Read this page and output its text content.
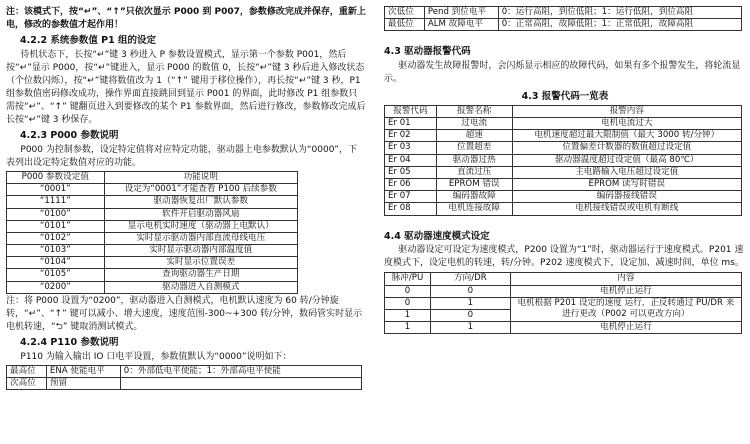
注：该模式下，按“↵”、“↑”只依次显示 P000 到 P007，参数修改完成并保存，重新上电，修改的参数值才起作用！

4.2.2 系统参数值 P1 组的设定

待机状态下，长按“↵”键 3 秒进入 P 参数设置模式，显示第一个参数 P001，然后按“↵”显示 P000，按“↵”键进入，显示 P000 的数值 0，长按“↵”键 3 秒后进入修改状态（个位数闪烁），按“↵”键将数值改为 1（“↑” 键用于移位操作），再长按“↵”键 3 秒，P1 组参数值密码修改成功，操作界面直接跳回到显示 P001 的界面，此时修改 P1 组参数只需按“↵”、“↑” 键翻页进入到要修改的某个 P1 参数界面，然后进行修改，参数修改完成后长按“↵”键 3 秒保存。

4.2.3 P000 参数说明

P000 为控制参数，设定特定值将对应特定功能，驱动器上电参数默认为“0000”，下表列出设定特定数值对应的功能。

P000 参数设定值	功能说明
“0001”	设定为“0001”才能查看 P100 后续参数
“1111”	驱动器恢复出厂默认参数
“0100”	软件开启驱动器风扇
“0101”	显示电机实时速度（驱动器上电默认）
“0102”	实时显示驱动器内部直流母线电压
“0103”	实时显示驱动器内部温度值
“0104”	实时显示位置误差
“0105”	查询驱动器生产日期
“0200”	驱动器进入自测模式

注：将 P000 设置为“0200”，驱动器进入自测模式，电机默认速度为 60 转/分钟旋转，“↵”、“↑” 键可以减小、增大速度，速度范围-300~+300 转/分钟，数码管实时显示电机转速，“⮌” 键取消测试模式。

4.2.4 P110 参数说明

P110 为输入输出 IO 口电平设置，参数值默认为“0000”说明如下：

最高位	ENA 使能电平	0：外部低电平使能；1：外部高电平使能
次高位	预留	
次低位	Pend 到位电平	0：运行高阻，到位低阻；1：运行低阻，到位高阻
最低位	ALM 故障电平	0：正常高阻，故障低阻；1：正常低阻，故障高阻
4.3 驱动器报警代码

驱动器发生故障报警时，会闪烁显示相应的故障代码，如果有多个报警发生，将轮流显示。

4.3 报警代码一览表

报警代码	报警名称	报警内容
Er 01	过电流	电机电流过大
Er 02	超速	电机速度超过最大限制值（最大 3000 转/分钟）
Er 03	位置超差	位置偏差计数器的数值超过设定值
Er 04	驱动器过热	驱动器温度超过设定值（最高 80℃）
Er 05	直流过压	主电路输入电压超过设定值
Er 06	EPROM 错误	EPROM 读写时错误
Er 07	编码器故障	编码器接线错误
Er 08	电机连接故障	电机接线错误或电机有断线
4.4 驱动器速度模式设定

驱动器设定可设定为速度模式，P200 设置为“1”时，驱动器运行于速度模式。P201 速度模式下，设定电机的转速，转/分钟。P202 速度模式下，设定加、减速时间，单位 ms。

脉冲/PU	方向/DR	内容
0	0	电机停止运行
0	1	电机根据 P201 设定的速度 运行，正反转通过 PU/DR 来进行更改（P002 可以更改方向）
1	0	
1	1	电机停止运行
